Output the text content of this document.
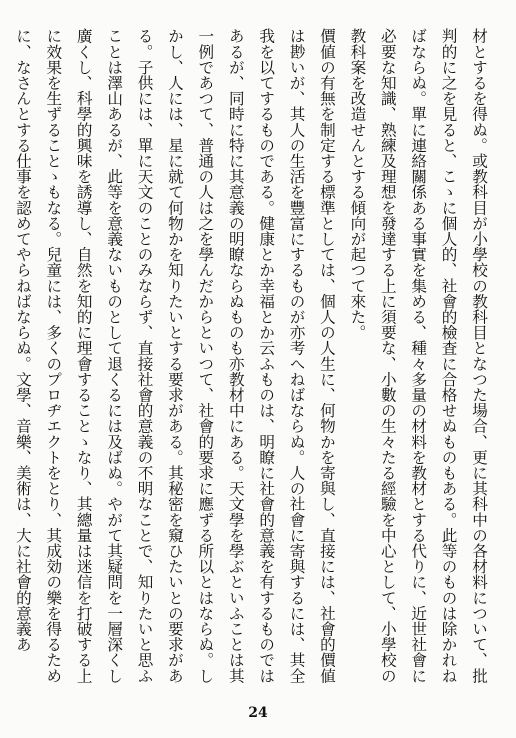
材とするを得ぬ。或教科目が小學校の教科目となつた場合、更に其科中の各材料について、批判的に之を見ると、こゝに個人的、社會的檢査に合格せぬものもある。此等のものは除かれねばならぬ。單に連絡關係ある事實を集める、種々多量の材料を教材とする代りに、近世社會に必要な知識、熟練及理想を發達する上に須要な、小數の生々たる經驗を中心として、小學校の教科案を改造せんとする傾向が起つて來た。
價値の有無を制定する標準としては、個人の人生に、何物かを寄與し、直接には、社會的價値は尠いが、其人の生活を豐富にするものが亦考へねばならぬ。人の社會に寄與するには、其全我を以てするものである。健康とか幸福とか云ふものは、明瞭に社會的意義を有するものではあるが、同時に特に其意義の明瞭ならぬものも亦教材中にある。天文學を學ぶといふことは其一例であつて、普通の人は之を學んだからといつて、社會的要求に應ずる所以とはならぬ。しかし、人には、星に就て何物かを知りたいとする要求がある。其秘密を窺ひたいとの要求がある。子供には、單に天文のことのみならず、直接社會的意義の不明なことで、知りたいと思ふことは澤山あるが、此等を意義ないものとして退くるには及ばぬ。やがて其疑問を一層深くし廣くし、科學的興味を誘導し、自然を知的に理會することゝなり、其總量は迷信を打破する上に效果を生ずることゝもなる。兒童には、多くのプロヂエクトをとり、其成効の樂を得るために、なさんとする仕事を認めてやらねばならぬ。文學、音樂、美術は、大に社會的意義あ
24
